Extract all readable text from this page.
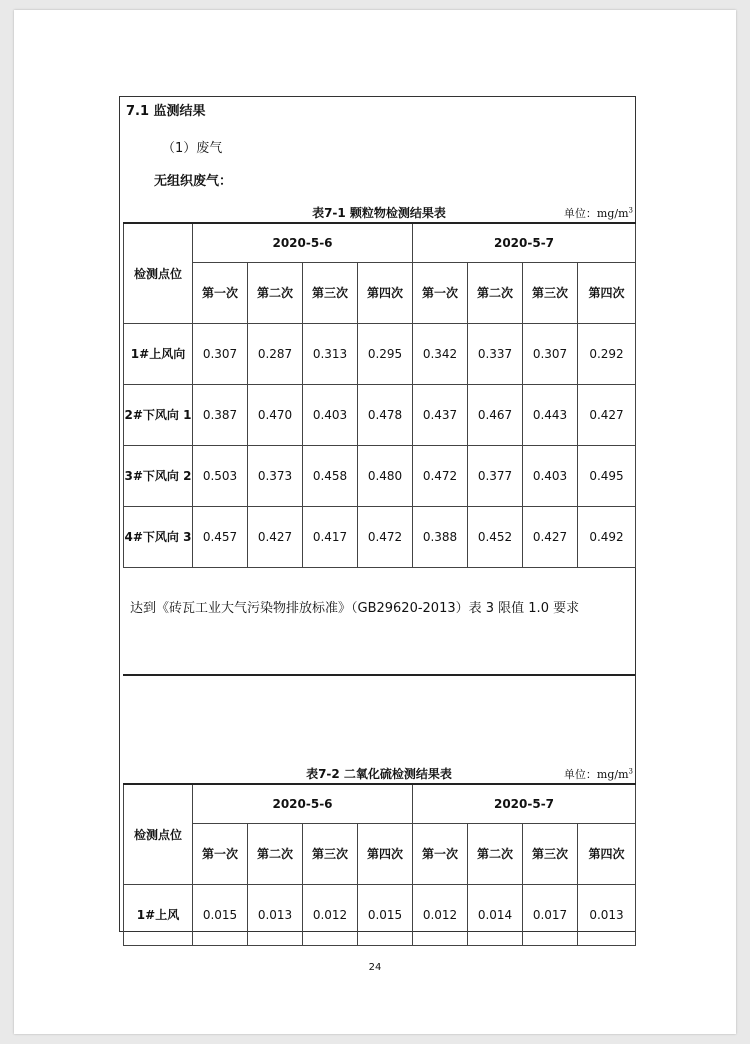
7.1 监测结果
（1）废气
无组织废气：
表7-1 颗粒物检测结果表	单位：$mg/m^3$
检测点位	2020-5-6				2020-5-7			
	第一次	第二次	第三次	第四次	第一次	第二次	第三次	第四次
1#上风向	0.307	0.287	0.313	0.295	0.342	0.337	0.307	0.292
2#下风向 1	0.387	0.470	0.403	0.478	0.437	0.467	0.443	0.427
3#下风向 2	0.503	0.373	0.458	0.480	0.472	0.377	0.403	0.495
4#下风向 3	0.457	0.427	0.417	0.472	0.388	0.452	0.427	0.492
达到《砖瓦工业大气污染物排放标准》（GB29620-2013）表 3 限值 1.0 要求
表7-2 二氧化硫检测结果表	单位：$mg/m^3$
检测点位	2020-5-6				2020-5-7			
	第一次	第二次	第三次	第四次	第一次	第二次	第三次	第四次
1#上风	0.015	0.013	0.012	0.015	0.012	0.014	0.017	0.013
24
